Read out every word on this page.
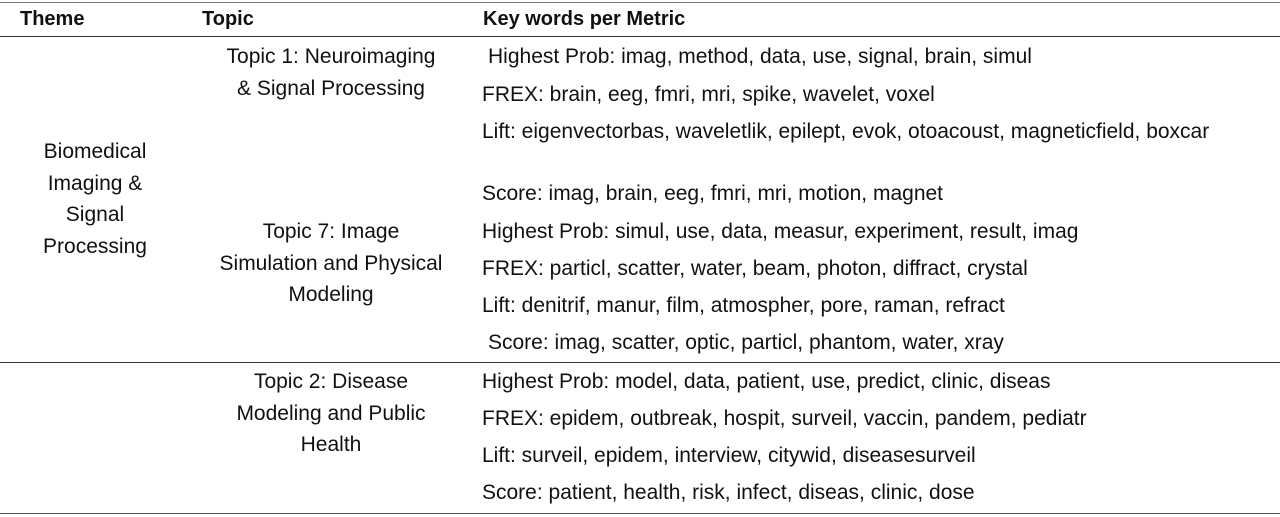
Theme	Topic	Key words per Metric
Biomedical
Imaging &
Signal
Processing
Topic 1: Neuroimaging
& Signal Processing
Highest Prob: imag, method, data, use, signal, brain, simul
FREX: brain, eeg, fmri, mri, spike, wavelet, voxel
Lift: eigenvectorbas, waveletlik, epilept, evok, otoacoust, magneticfield, boxcar
Score: imag, brain, eeg, fmri, mri, motion, magnet
Topic 7: Image
Simulation and Physical
Modeling
Highest Prob: simul, use, data, measur, experiment, result, imag
FREX: particl, scatter, water, beam, photon, diffract, crystal
Lift: denitrif, manur, film, atmospher, pore, raman, refract
Score: imag, scatter, optic, particl, phantom, water, xray
Topic 2: Disease
Modeling and Public
Health
Highest Prob: model, data, patient, use, predict, clinic, diseas
FREX: epidem, outbreak, hospit, surveil, vaccin, pandem, pediatr
Lift: surveil, epidem, interview, citywid, diseasesurveil
Score: patient, health, risk, infect, diseas, clinic, dose
